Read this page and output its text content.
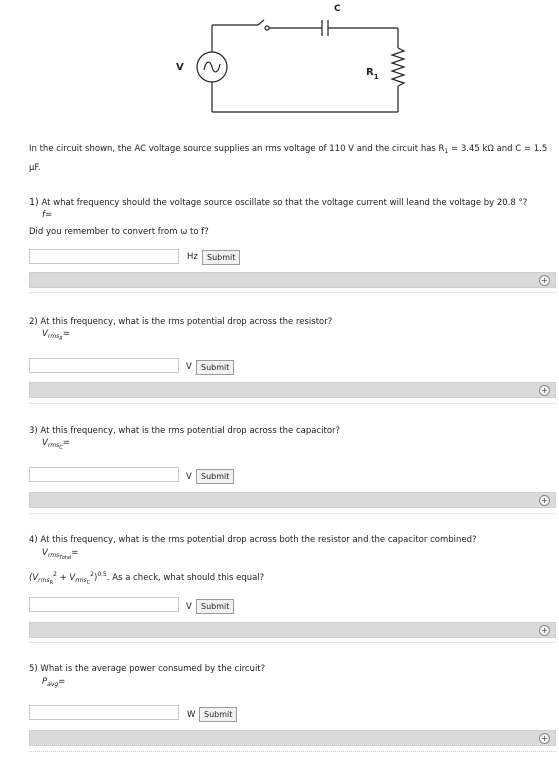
V
C
$R_1$
In the circuit shown, the AC voltage source supplies an rms voltage of 110 V and the circuit has $R_1 = 3.45$ kΩ and C = 1.5
μF.
1) At what frequency should the voltage source oscillate so that the voltage current will leand the voltage by 20.8 °?
f=
Did you remember to convert from ω to f?
Hz	Submit
+
2) At this frequency, what is the rms potential drop across the resistor?
$V_{rms_R}=$
V	Submit
+
3) At this frequency, what is the rms potential drop across the capacitor?
$V_{rms_C}=$
V	Submit
+
4) At this frequency, what is the rms potential drop across both the resistor and the capacitor combined?
$V_{rms_{Total}}=$
$(V_{rms_R}^2 + V_{rms_C}^2)^{0.5}$. As a check, what should this equal?
V	Submit
+
5) What is the average power consumed by the circuit?
$P_{avg}=$
W	Submit
+
